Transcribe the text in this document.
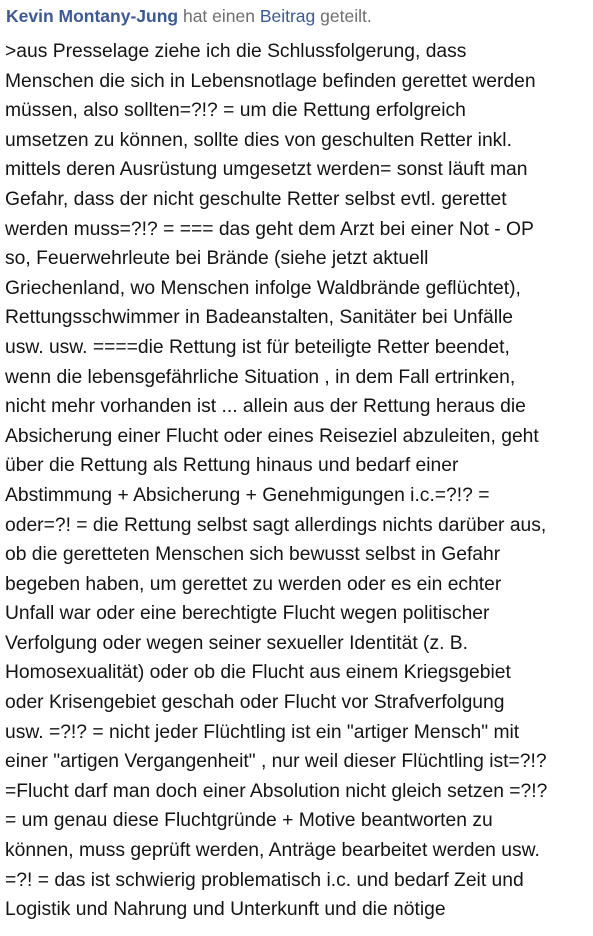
Kevin Montany-Jung hat einen Beitrag geteilt.
>aus Presselage ziehe ich die Schlussfolgerung, dass
Menschen die sich in Lebensnotlage befinden gerettet werden
müssen, also sollten=?!? = um die Rettung erfolgreich
umsetzen zu können, sollte dies von geschulten Retter inkl.
mittels deren Ausrüstung umgesetzt werden= sonst läuft man
Gefahr, dass der nicht geschulte Retter selbst evtl. gerettet
werden muss=?!? = === das geht dem Arzt bei einer Not - OP
so, Feuerwehrleute bei Brände (siehe jetzt aktuell
Griechenland, wo Menschen infolge Waldbrände geflüchtet),
Rettungsschwimmer in Badeanstalten, Sanitäter bei Unfälle
usw. usw. ====die Rettung ist für beteiligte Retter beendet,
wenn die lebensgefährliche Situation , in dem Fall ertrinken,
nicht mehr vorhanden ist ... allein aus der Rettung heraus die
Absicherung einer Flucht oder eines Reiseziel abzuleiten, geht
über die Rettung als Rettung hinaus und bedarf einer
Abstimmung + Absicherung + Genehmigungen i.c.=?!? =
oder=?! = die Rettung selbst sagt allerdings nichts darüber aus,
ob die geretteten Menschen sich bewusst selbst in Gefahr
begeben haben, um gerettet zu werden oder es ein echter
Unfall war oder eine berechtigte Flucht wegen politischer
Verfolgung oder wegen seiner sexueller Identität (z. B.
Homosexualität) oder ob die Flucht aus einem Kriegsgebiet
oder Krisengebiet geschah oder Flucht vor Strafverfolgung
usw. =?!? = nicht jeder Flüchtling ist ein "artiger Mensch" mit
einer "artigen Vergangenheit" , nur weil dieser Flüchtling ist=?!?
=Flucht darf man doch einer Absolution nicht gleich setzen =?!?
= um genau diese Fluchtgründe + Motive beantworten zu
können, muss geprüft werden, Anträge bearbeitet werden usw.
=?! = das ist schwierig problematisch i.c. und bedarf Zeit und
Logistik und Nahrung und Unterkunft und die nötige
